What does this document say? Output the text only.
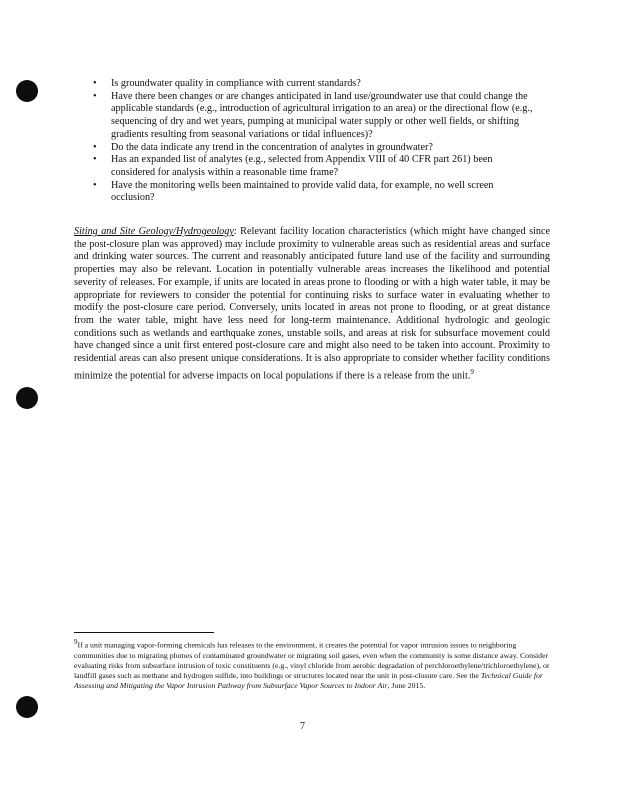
• Is groundwater quality in compliance with current standards?
• Have there been changes or are changes anticipated in land use/groundwater use that could change the applicable standards (e.g., introduction of agricultural irrigation to an area) or the directional flow (e.g., sequencing of dry and wet years, pumping at municipal water supply or other well fields, or shifting gradients resulting from seasonal variations or tidal influences)?
• Do the data indicate any trend in the concentration of analytes in groundwater?
• Has an expanded list of analytes (e.g., selected from Appendix VIII of 40 CFR part 261) been considered for analysis within a reasonable time frame?
• Have the monitoring wells been maintained to provide valid data, for example, no well screen occlusion?

Siting and Site Geology/Hydrogeology: Relevant facility location characteristics (which might have changed since the post-closure plan was approved) may include proximity to vulnerable areas such as residential areas and surface and drinking water sources. The current and reasonably anticipated future land use of the facility and surrounding properties may also be relevant. Location in potentially vulnerable areas increases the likelihood and potential severity of releases. For example, if units are located in areas prone to flooding or with a high water table, it may be appropriate for reviewers to consider the potential for continuing risks to surface water in evaluating whether to modify the post-closure care period. Conversely, units located in areas not prone to flooding, or at great distance from the water table, might have less need for long-term maintenance. Additional hydrologic and geologic conditions such as wetlands and earthquake zones, unstable soils, and areas at risk for subsurface movement could have changed since a unit first entered post-closure care and might also need to be taken into account. Proximity to residential areas can also present unique considerations. It is also appropriate to consider whether facility conditions minimize the potential for adverse impacts on local populations if there is a release from the unit.$^9$

$^9$If a unit managing vapor-forming chemicals has releases to the environment, it creates the potential for vapor intrusion issues to neighboring communities due to migrating plumes of contaminated groundwater or migrating soil gases, even when the community is some distance away. Consider evaluating risks from subsurface intrusion of toxic constituents (e.g., vinyl chloride from aerobic degradation of perchloroethylene/trichloroethylene), or landfill gases such as methane and hydrogen sulfide, into buildings or structures located near the unit in post-closure care. See the Technical Guide for Assessing and Mitigating the Vapor Intrusion Pathway from Subsurface Vapor Sources to Indoor Air, June 2015.

7
